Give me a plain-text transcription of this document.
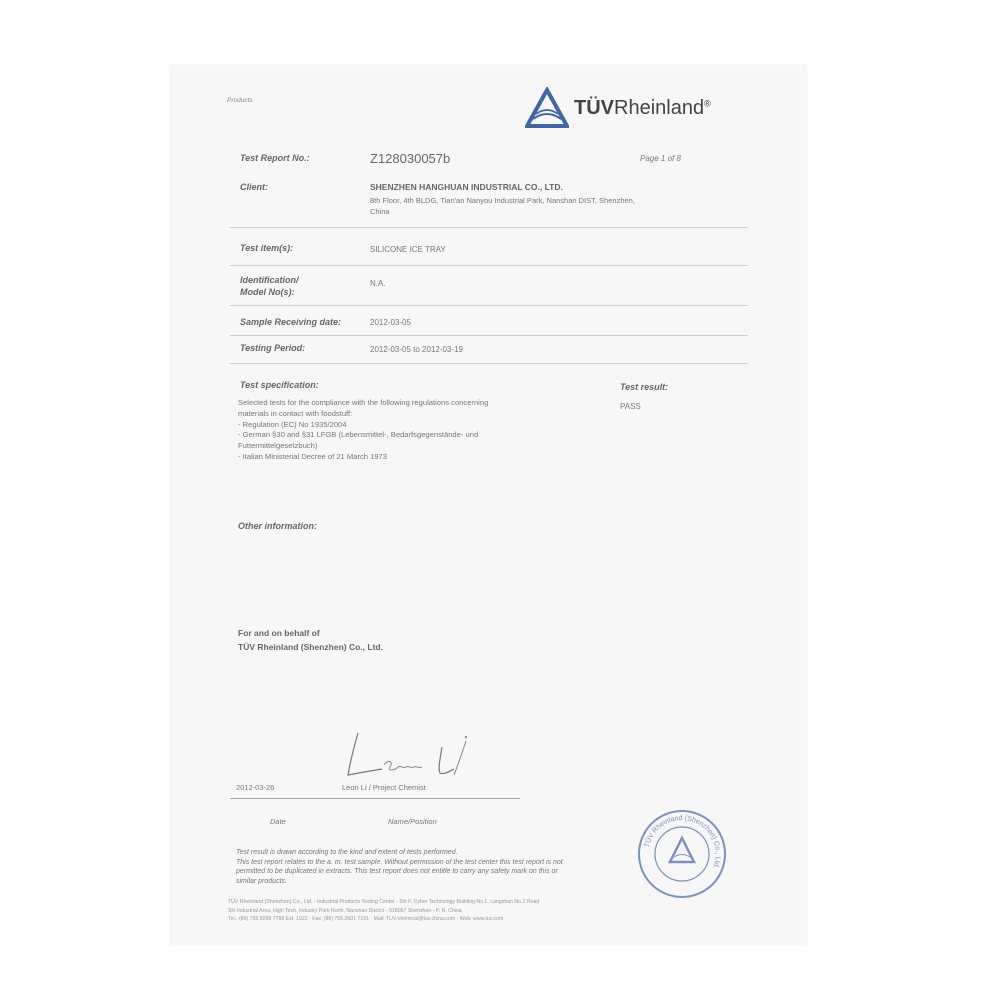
Products	TÜVRheinland®
Test Report No.:	Z128030057b	Page 1 of 8
Client:	SHENZHEN HANGHUAN INDUSTRIAL CO., LTD.
8th Floor, 4th BLDG, Tian'an Nanyou Industrial Park, Nanshan DIST, Shenzhen,
China
Test item(s):	SILICONE ICE TRAY
Identification/
Model No(s):
N.A.
Sample Receiving date:	2012-03-05
Testing Period:	2012-03-05 to 2012-03-19
Test specification:	Test result:
PASS
Selected tests for the compliance with the following regulations concerning
materials in contact with foodstuff:
- Regulation (EC) No 1935/2004
- German §30 and §31 LFGB (Lebensmittel-, Bedarfsgegenstände- und
Futtermittelgesetzbuch)
- Italian Ministerial Decree of 21 March 1973
Other information:
For and on behalf of
TÜV Rheinland (Shenzhen) Co., Ltd.
2012-03-26	Leon Li / Project Chemist
Date	Name/Position
Test result is drawn according to the kind and extent of tests performed.
This test report relates to the a. m. test sample. Without permission of the test center this test report is not
permitted to be duplicated in extracts. This test report does not entitle to carry any safety mark on this or
similar products.
TÜV Rheinland (Shenzhen) Co., Ltd. - Industrial Products Testing Center - 5th F, Cyber Technology Building No.1, Langshan No.2 Road
Shi Industrial Area, High Tech. Industry Park North, Nanshan District - 518057 Shenzhen - P. R. China
Tel.: (86) 755 8268 7788 Ext. 1922 - Fax: (86) 755 2601 7191 - Mail: TUV-chemical@tuv.china.com - Web: www.tuv.com
TÜV Rheinland (Shenzhen) Co., Ltd.
